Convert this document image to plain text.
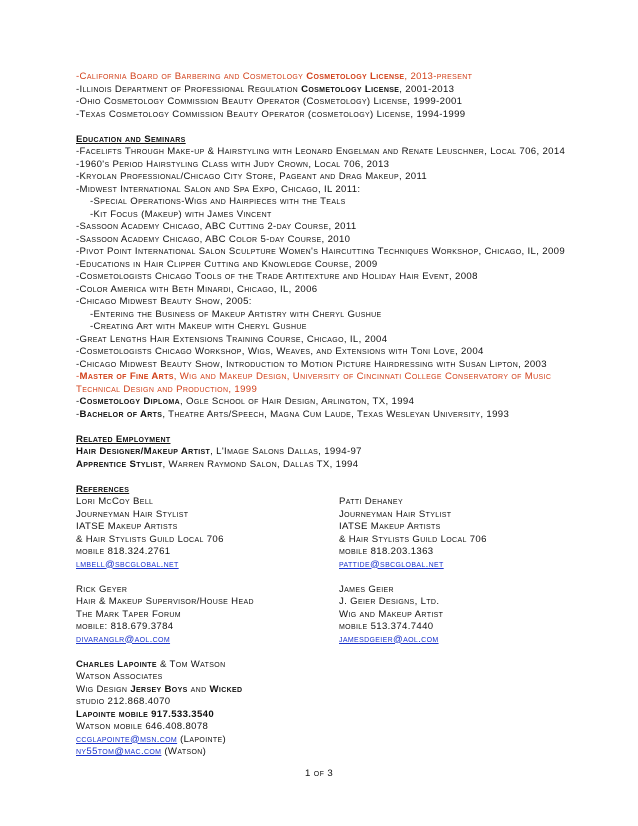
-California Board of Barbering and Cosmetology Cosmetology License, 2013-present
-Illinois Department of Professional Regulation Cosmetology License, 2001-2013
-Ohio Cosmetology Commission Beauty Operator (Cosmetology) License, 1999-2001
-Texas Cosmetology Commission Beauty Operator (cosmetology) License, 1994-1999
Education and Seminars
-Facelifts Through Make-up & Hairstyling with Leonard Engelman and Renate Leuschner, Local 706, 2014
-1960's Period Hairstyling Class with Judy Crown, Local 706, 2013
-Kryolan Professional/Chicago City Store, Pageant and Drag Makeup, 2011
-Midwest International Salon and Spa Expo, Chicago, IL 2011:
-Special Operations-Wigs and Hairpieces with the Teals
-Kit Focus (Makeup) with James Vincent
-Sassoon Academy Chicago, ABC Cutting 2-day Course, 2011
-Sassoon Academy Chicago, ABC Color 5-day Course, 2010
-Pivot Point International Salon Sculpture Women's Haircutting Techniques Workshop, Chicago, IL, 2009
-Educations in Hair Clipper Cutting and Knowledge Course, 2009
-Cosmetologists Chicago Tools of the Trade Artitexture and Holiday Hair Event, 2008
-Color America with Beth Minardi, Chicago, IL, 2006
-Chicago Midwest Beauty Show, 2005:
-Entering the Business of Makeup Artistry with Cheryl Gushue
-Creating Art with Makeup with Cheryl Gushue
-Great Lengths Hair Extensions Training Course, Chicago, IL, 2004
-Cosmetologists Chicago Workshop, Wigs, Weaves, and Extensions with Toni Love, 2004
-Chicago Midwest Beauty Show, Introduction to Motion Picture Hairdressing with Susan Lipton, 2003
-Master of Fine Arts, Wig and Makeup Design, University of Cincinnati College Conservatory of Music Technical Design and Production, 1999
-Cosmetology Diploma, Ogle School of Hair Design, Arlington, TX, 1994
-Bachelor of Arts, Theatre Arts/Speech, Magna Cum Laude, Texas Wesleyan University, 1993
Related Employment
Hair Designer/Makeup Artist, L'Image Salons Dallas, 1994-97
Apprentice Stylist, Warren Raymond Salon, Dallas TX, 1994
References
Lori McCoy Bell
Journeyman Hair Stylist
IATSE Makeup Artists
& Hair Stylists Guild Local 706
mobile 818.324.2761
lmbell@sbcglobal.net
Patti Dehaney
Journeyman Hair Stylist
IATSE Makeup Artists
& Hair Stylists Guild Local 706
mobile 818.203.1363
pattide@sbcglobal.net
Rick Geyer
Hair & Makeup Supervisor/House Head
The Mark Taper Forum
mobile: 818.679.3784
divaranglr@aol.com
James Geier
J. Geier Designs, Ltd.
Wig and Makeup Artist
mobile 513.374.7440
jamesdgeier@aol.com
Charles Lapointe & Tom Watson
Watson Associates
Wig Design Jersey Boys and Wicked
studio 212.868.4070
Lapointe mobile 917.533.3540
Watson mobile 646.408.8078
ccglapointe@msn.com (Lapointe)
ny55tom@mac.com (Watson)
1 of 3
